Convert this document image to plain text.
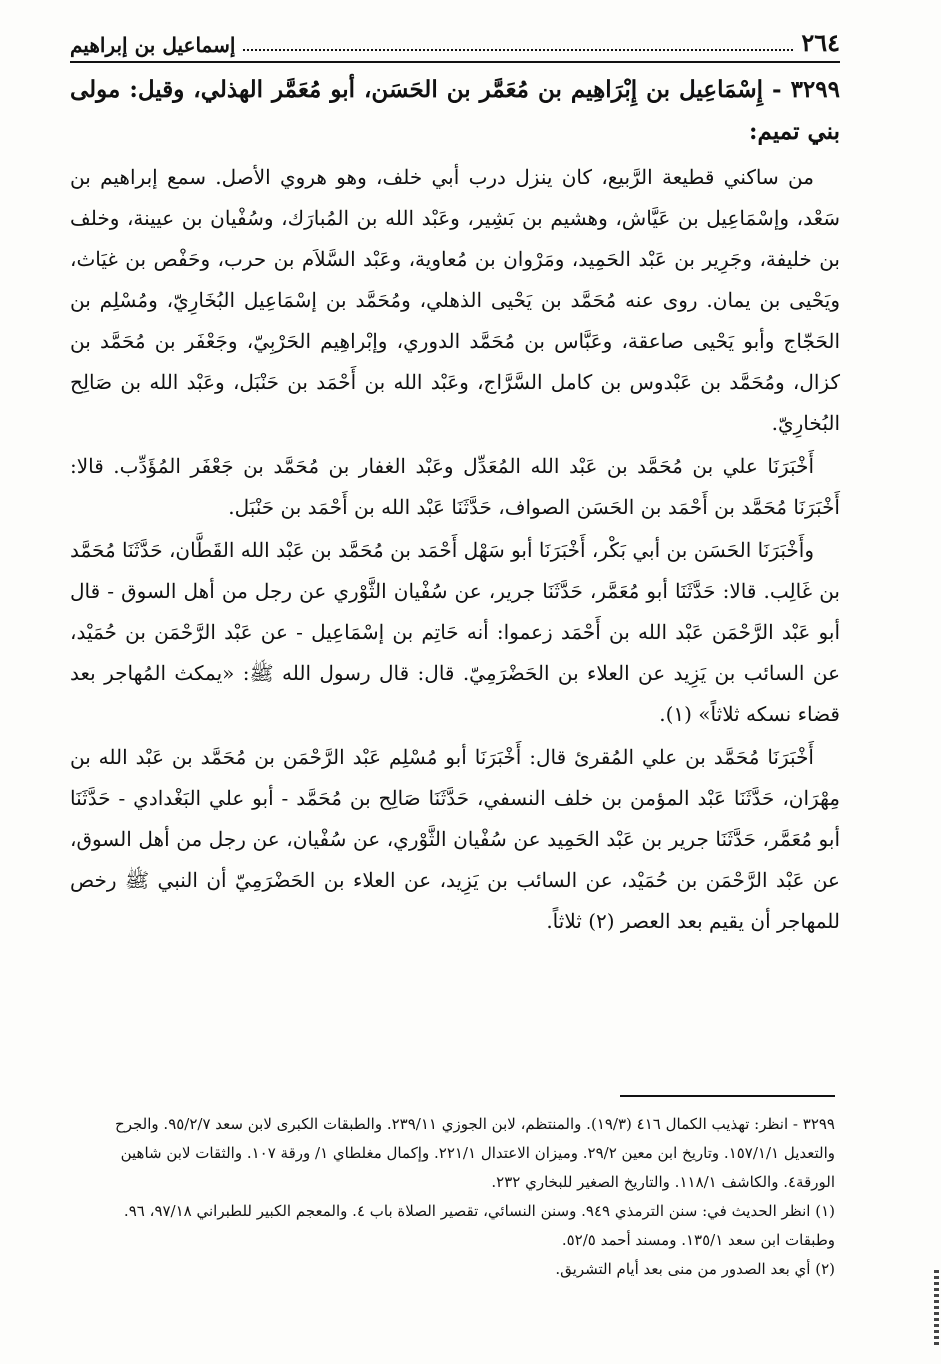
٢٦٤
إسماعيل بن إبراهيم
٣٢٩٩ - إِسْمَاعِيل بن إِبْرَاهِيم بن مُعَمَّر بن الحَسَن، أبو مُعَمَّر الهذلي، وقيل: مولى بني تميم:

من ساكني قطيعة الرَّبيع، كان ينزل درب أبي خلف، وهو هروي الأصل. سمع إبراهيم بن سَعْد، وإسْمَاعِيل بن عَيَّاش، وهشيم بن بَشِير، وعَبْد الله بن المُبارَك، وسُفْيان بن عيينة، وخلف بن خليفة، وجَرِير بن عَبْد الحَمِيد، ومَرْوان بن مُعاوية، وعَبْد السَّلاَم بن حرب، وحَفْص بن غيَاث، ويَحْيى بن يمان. روى عنه مُحَمَّد بن يَحْيى الذهلي، ومُحَمَّد بن إسْمَاعِيل البُخَارِيّ، ومُسْلِم بن الحَجّاج وأبو يَحْيى صاعقة، وعَبَّاس بن مُحَمَّد الدوري، وإبْراهِيم الحَرْبِيّ، وجَعْفَر بن مُحَمَّد بن كزال، ومُحَمَّد بن عَبْدوس بن كامل السَّرَّاج، وعَبْد الله بن أَحْمَد بن حَنْبَل، وعَبْد الله بن صَالِح البُخارِيّ.

أَخْبَرَنَا علي بن مُحَمَّد بن عَبْد الله المُعَدِّل وعَبْد الغفار بن مُحَمَّد بن جَعْفَر المُؤَدِّب. قالا: أَخْبَرَنَا مُحَمَّد بن أَحْمَد بن الحَسَن الصواف، حَدَّثَنَا عَبْد الله بن أَحْمَد بن حَنْبَل.

وأَخْبَرَنَا الحَسَن بن أبي بَكْر، أَخْبَرَنَا أبو سَهْل أَحْمَد بن مُحَمَّد بن عَبْد الله القَطَّان، حَدَّثَنَا مُحَمَّد بن غَالِب. قالا: حَدَّثَنَا أبو مُعَمَّر، حَدَّثَنَا جرير، عن سُفْيان الثَّوْري عن رجل من أهل السوق - قال أبو عَبْد الرَّحْمَن عَبْد الله بن أَحْمَد زعموا: أنه حَاتِم بن إسْمَاعِيل - عن عَبْد الرَّحْمَن بن حُمَيْد، عن السائب بن يَزِيد عن العلاء بن الحَضْرَمِيّ. قال: قال رسول الله ﷺ: «يمكث المُهاجر بعد قضاء نسكه ثلاثاً» (١).

أَخْبَرَنَا مُحَمَّد بن علي المُقرئ قال: أَخْبَرَنَا أبو مُسْلِم عَبْد الرَّحْمَن بن مُحَمَّد بن عَبْد الله بن مِهْرَان، حَدَّثَنَا عَبْد المؤمن بن خلف النسفي، حَدَّثَنَا صَالِح بن مُحَمَّد - أبو علي البَغْدادي - حَدَّثَنَا أبو مُعَمَّر، حَدَّثَنَا جرير بن عَبْد الحَمِيد عن سُفْيان الثَّوْري، عن سُفْيان، عن رجل من أهل السوق، عن عَبْد الرَّحْمَن بن حُمَيْد، عن السائب بن يَزِيد، عن العلاء بن الحَضْرَمِيّ أن النبي ﷺ رخص للمهاجر أن يقيم بعد العصر (٢) ثلاثاً.

٣٢٩٩ - انظر: تهذيب الكمال ٤١٦ (١٩/٣). والمنتظم، لابن الجوزي ٢٣٩/١١. والطبقات الكبرى لابن سعد ٩٥/٢/٧. والجرح والتعديل ١٥٧/١/١. وتاريخ ابن معين ٢٩/٢. وميزان الاعتدال ٢٢١/١. وإكمال مغلطاي ١/ ورقة ١٠٧. والثقات لابن شاهين الورقة٤. والكاشف ١١٨/١. والتاريخ الصغير للبخاري ٢٣٢.

(١) انظر الحديث في: سنن الترمذي ٩٤٩. وسنن النسائي، تقصير الصلاة باب ٤. والمعجم الكبير للطبراني ٩٧/١٨، ٩٦. وطبقات ابن سعد ١٣٥/١. ومسند أحمد ٥٢/٥.

(٢) أي بعد الصدور من منى بعد أيام التشريق.
